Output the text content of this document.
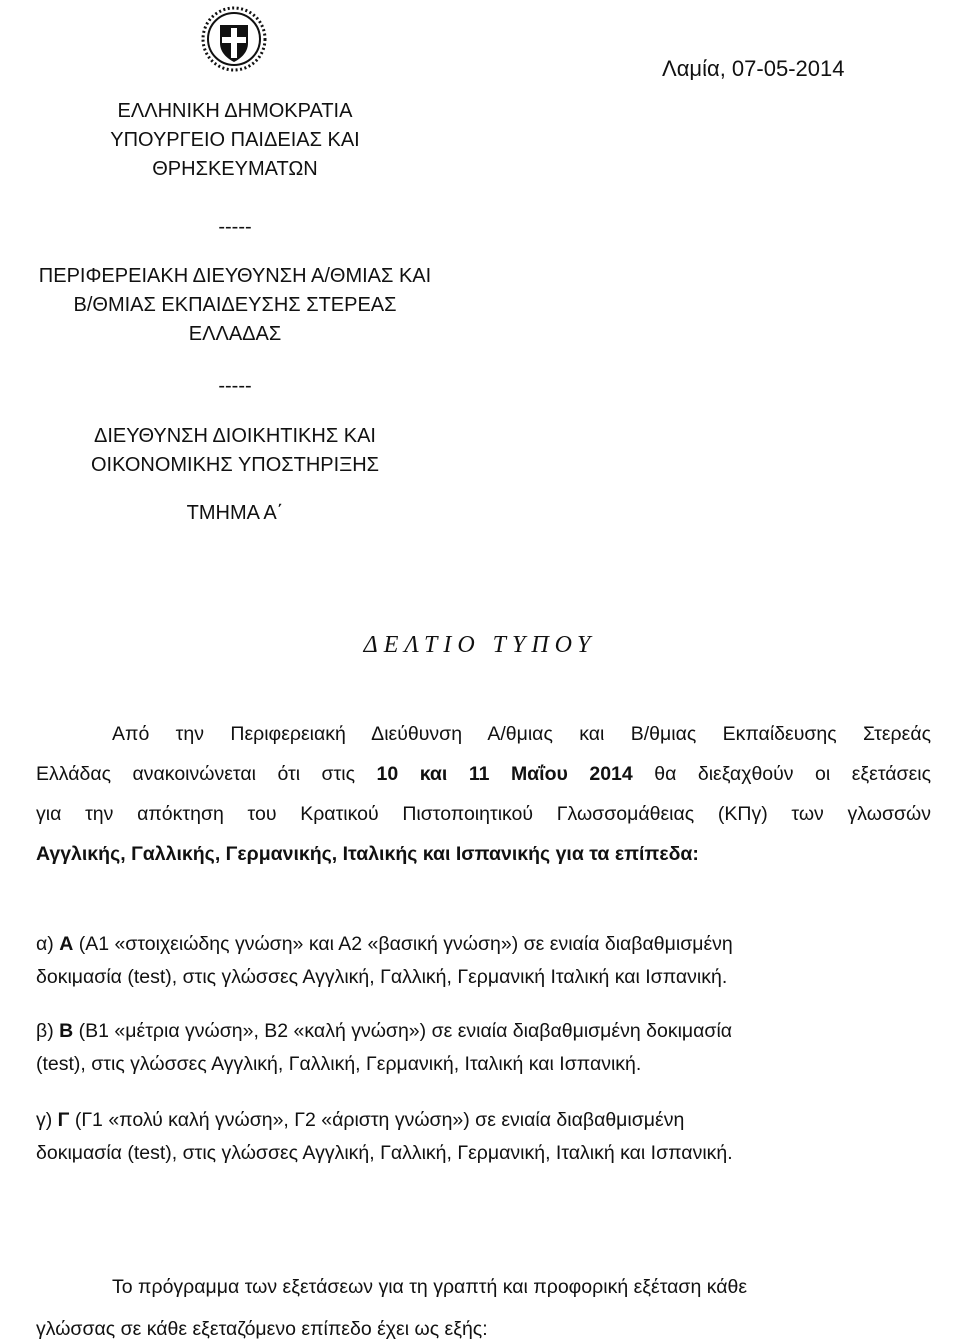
Λαμία, 07-05-2014
ΕΛΛΗΝΙΚΗ ΔΗΜΟΚΡΑΤΙΑ
ΥΠΟΥΡΓΕΙΟ ΠΑΙΔΕΙΑΣ ΚΑΙ
ΘΡΗΣΚΕΥΜΑΤΩΝ
-----
ΠΕΡΙΦΕΡΕΙΑΚΗ ΔΙΕΥΘΥΝΣΗ Α/ΘΜΙΑΣ ΚΑΙ
Β/ΘΜΙΑΣ ΕΚΠΑΙΔΕΥΣΗΣ ΣΤΕΡΕΑΣ
ΕΛΛΑΔΑΣ
-----
ΔΙΕΥΘΥΝΣΗ ΔΙΟΙΚΗΤΙΚΗΣ ΚΑΙ
ΟΙΚΟΝΟΜΙΚΗΣ ΥΠΟΣΤΗΡΙΞΗΣ
ΤΜΗΜΑ Α΄
ΔΕΛΤΙΟ ΤΥΠΟΥ
Από την Περιφερειακή Διεύθυνση Α/θμιας και Β/θμιας Εκπαίδευσης Στερεάς
Ελλάδας ανακοινώνεται ότι στις 10 και 11 Μαΐου 2014 θα διεξαχθούν οι εξετάσεις
για την απόκτηση του Κρατικού Πιστοποιητικού Γλωσσομάθειας (ΚΠγ) των γλωσσών
Αγγλικής, Γαλλικής, Γερμανικής, Ιταλικής και Ισπανικής για τα επίπεδα:
α) Α (Α1 «στοιχειώδης γνώση» και Α2 «βασική γνώση») σε ενιαία διαβαθμισμένη
δοκιμασία (test), στις γλώσσες Αγγλική, Γαλλική, Γερμανική Ιταλική και Ισπανική.
β) Β (Β1 «μέτρια γνώση», Β2 «καλή γνώση») σε ενιαία διαβαθμισμένη δοκιμασία
(test), στις γλώσσες Αγγλική, Γαλλική, Γερμανική, Ιταλική και Ισπανική.
γ) Γ (Γ1 «πολύ καλή γνώση», Γ2 «άριστη γνώση») σε ενιαία διαβαθμισμένη
δοκιμασία (test), στις γλώσσες Αγγλική, Γαλλική, Γερμανική, Ιταλική και Ισπανική.
Το πρόγραμμα των εξετάσεων για τη γραπτή και προφορική εξέταση κάθε
γλώσσας σε κάθε εξεταζόμενο επίπεδο έχει ως εξής:
